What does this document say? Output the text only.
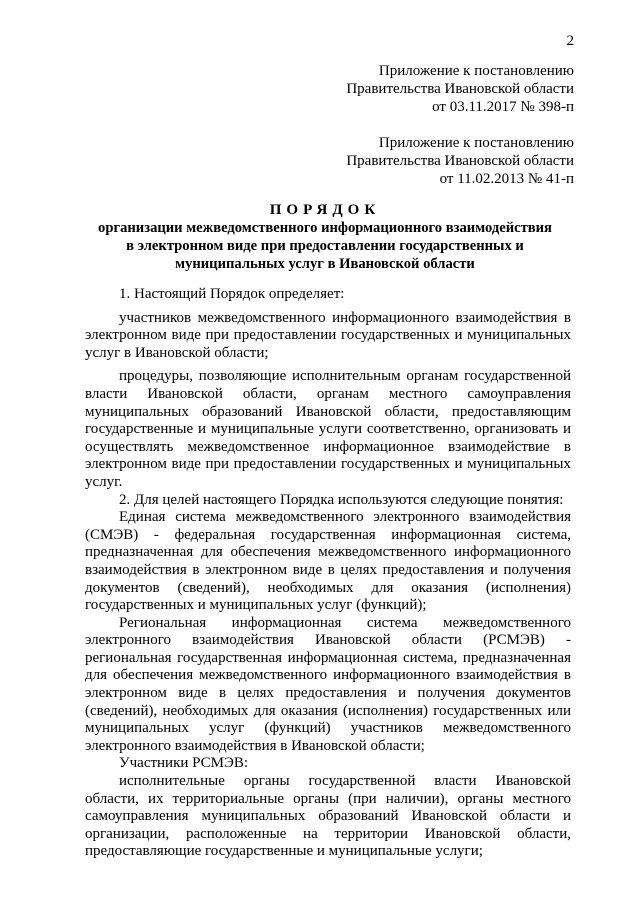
2
Приложение к постановлению
Правительства Ивановской области
от 03.11.2017 № 398-п
Приложение к постановлению
Правительства Ивановской области
от 11.02.2013 № 41-п
ПОРЯДОК
организации межведомственного информационного взаимодействия
в электронном виде при предоставлении государственных и
муниципальных услуг в Ивановской области
1. Настоящий Порядок определяет:
участников межведомственного информационного взаимодействия в
электронном виде при предоставлении государственных и муниципальных
услуг в Ивановской области;
процедуры, позволяющие исполнительным органам государственной
власти Ивановской области, органам местного самоуправления
муниципальных образований Ивановской области, предоставляющим
государственные и муниципальные услуги соответственно, организовать и
осуществлять межведомственное информационное взаимодействие в
электронном виде при предоставлении государственных и муниципальных
услуг.
2. Для целей настоящего Порядка используются следующие понятия:
Единая система межведомственного электронного взаимодействия
(СМЭВ) - федеральная государственная информационная система,
предназначенная для обеспечения межведомственного информационного
взаимодействия в электронном виде в целях предоставления и получения
документов (сведений), необходимых для оказания (исполнения)
государственных и муниципальных услуг (функций);
Региональная информационная система межведомственного
электронного взаимодействия Ивановской области (РСМЭВ) -
региональная государственная информационная система, предназначенная
для обеспечения межведомственного информационного взаимодействия в
электронном виде в целях предоставления и получения документов
(сведений), необходимых для оказания (исполнения) государственных или
муниципальных услуг (функций) участников межведомственного
электронного взаимодействия в Ивановской области;
Участники РСМЭВ:
исполнительные органы государственной власти Ивановской
области, их территориальные органы (при наличии), органы местного
самоуправления муниципальных образований Ивановской области и
организации, расположенные на территории Ивановской области,
предоставляющие государственные и муниципальные услуги;
